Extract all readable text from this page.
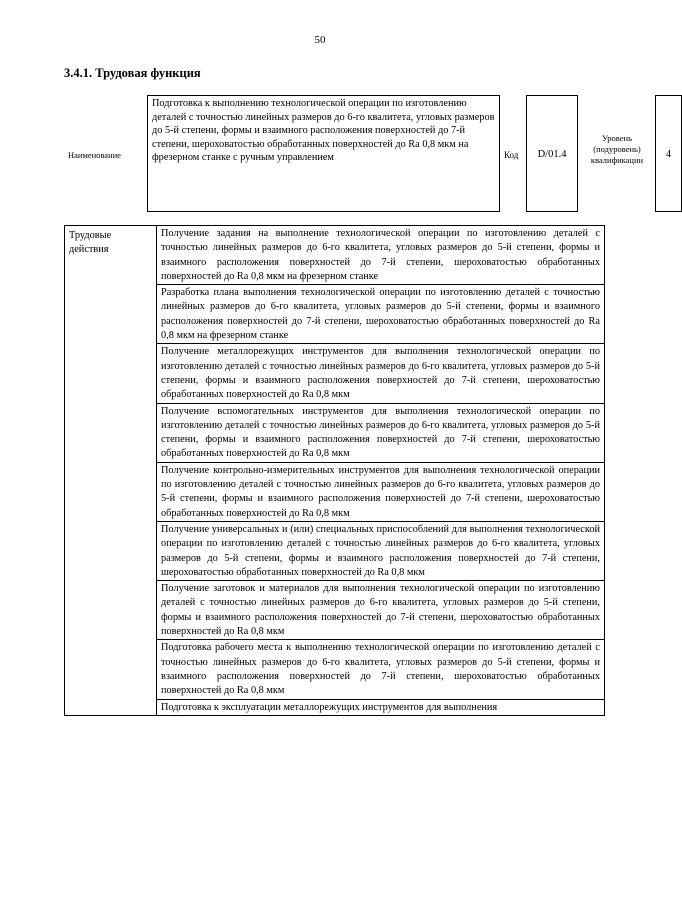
50
3.4.1. Трудовая функция
Наименование
Подготовка к выполнению технологической операции по изготовлению деталей с точностью линейных размеров до 6-го квалитета, угловых размеров до 5-й степени, формы и взаимного расположения поверхностей до 7-й степени, шероховатостью обработанных поверхностей до Ra 0,8 мкм на фрезерном станке с ручным управлением	Код	D/01.4
Уровень (подуровень) квалификации	4
Трудовые действия	Получение задания на выполнение технологической операции по изготовлению деталей с точностью линейных размеров до 6-го квалитета, угловых размеров до 5-й степени, формы и взаимного расположения поверхностей до 7-й степени, шероховатостью обработанных поверхностей до Ra 0,8 мкм на фрезерном станке
Разработка плана выполнения технологической операции по изготовлению деталей с точностью линейных размеров до 6-го квалитета, угловых размеров до 5-й степени, формы и взаимного расположения поверхностей до 7-й степени, шероховатостью обработанных поверхностей до Ra 0,8 мкм на фрезерном станке
Получение металлорежущих инструментов для выполнения технологической операции по изготовлению деталей с точностью линейных размеров до 6-го квалитета, угловых размеров до 5-й степени, формы и взаимного расположения поверхностей до 7-й степени, шероховатостью обработанных поверхностей до Ra 0,8 мкм
Получение вспомогательных инструментов для выполнения технологической операции по изготовлению деталей с точностью линейных размеров до 6-го квалитета, угловых размеров до 5-й степени, формы и взаимного расположения поверхностей до 7-й степени, шероховатостью обработанных поверхностей до Ra 0,8 мкм
Получение контрольно-измерительных инструментов для выполнения технологической операции по изготовлению деталей с точностью линейных размеров до 6-го квалитета, угловых размеров до 5-й степени, формы и взаимного расположения поверхностей до 7-й степени, шероховатостью обработанных поверхностей до Ra 0,8 мкм
Получение универсальных и (или) специальных приспособлений для выполнения технологической операции по изготовлению деталей с точностью линейных размеров до 6-го квалитета, угловых размеров до 5-й степени, формы и взаимного расположения поверхностей до 7-й степени, шероховатостью обработанных поверхностей до Ra 0,8 мкм
Получение заготовок и материалов для выполнения технологической операции по изготовлению деталей с точностью линейных размеров до 6-го квалитета, угловых размеров до 5-й степени, формы и взаимного расположения поверхностей до 7-й степени, шероховатостью обработанных поверхностей до Ra 0,8 мкм
Подготовка рабочего места к выполнению технологической операции по изготовлению деталей с точностью линейных размеров до 6-го квалитета, угловых размеров до 5-й степени, формы и взаимного расположения поверхностей до 7-й степени, шероховатостью обработанных поверхностей до Ra 0,8 мкм
Подготовка к эксплуатации металлорежущих инструментов для выполнения
